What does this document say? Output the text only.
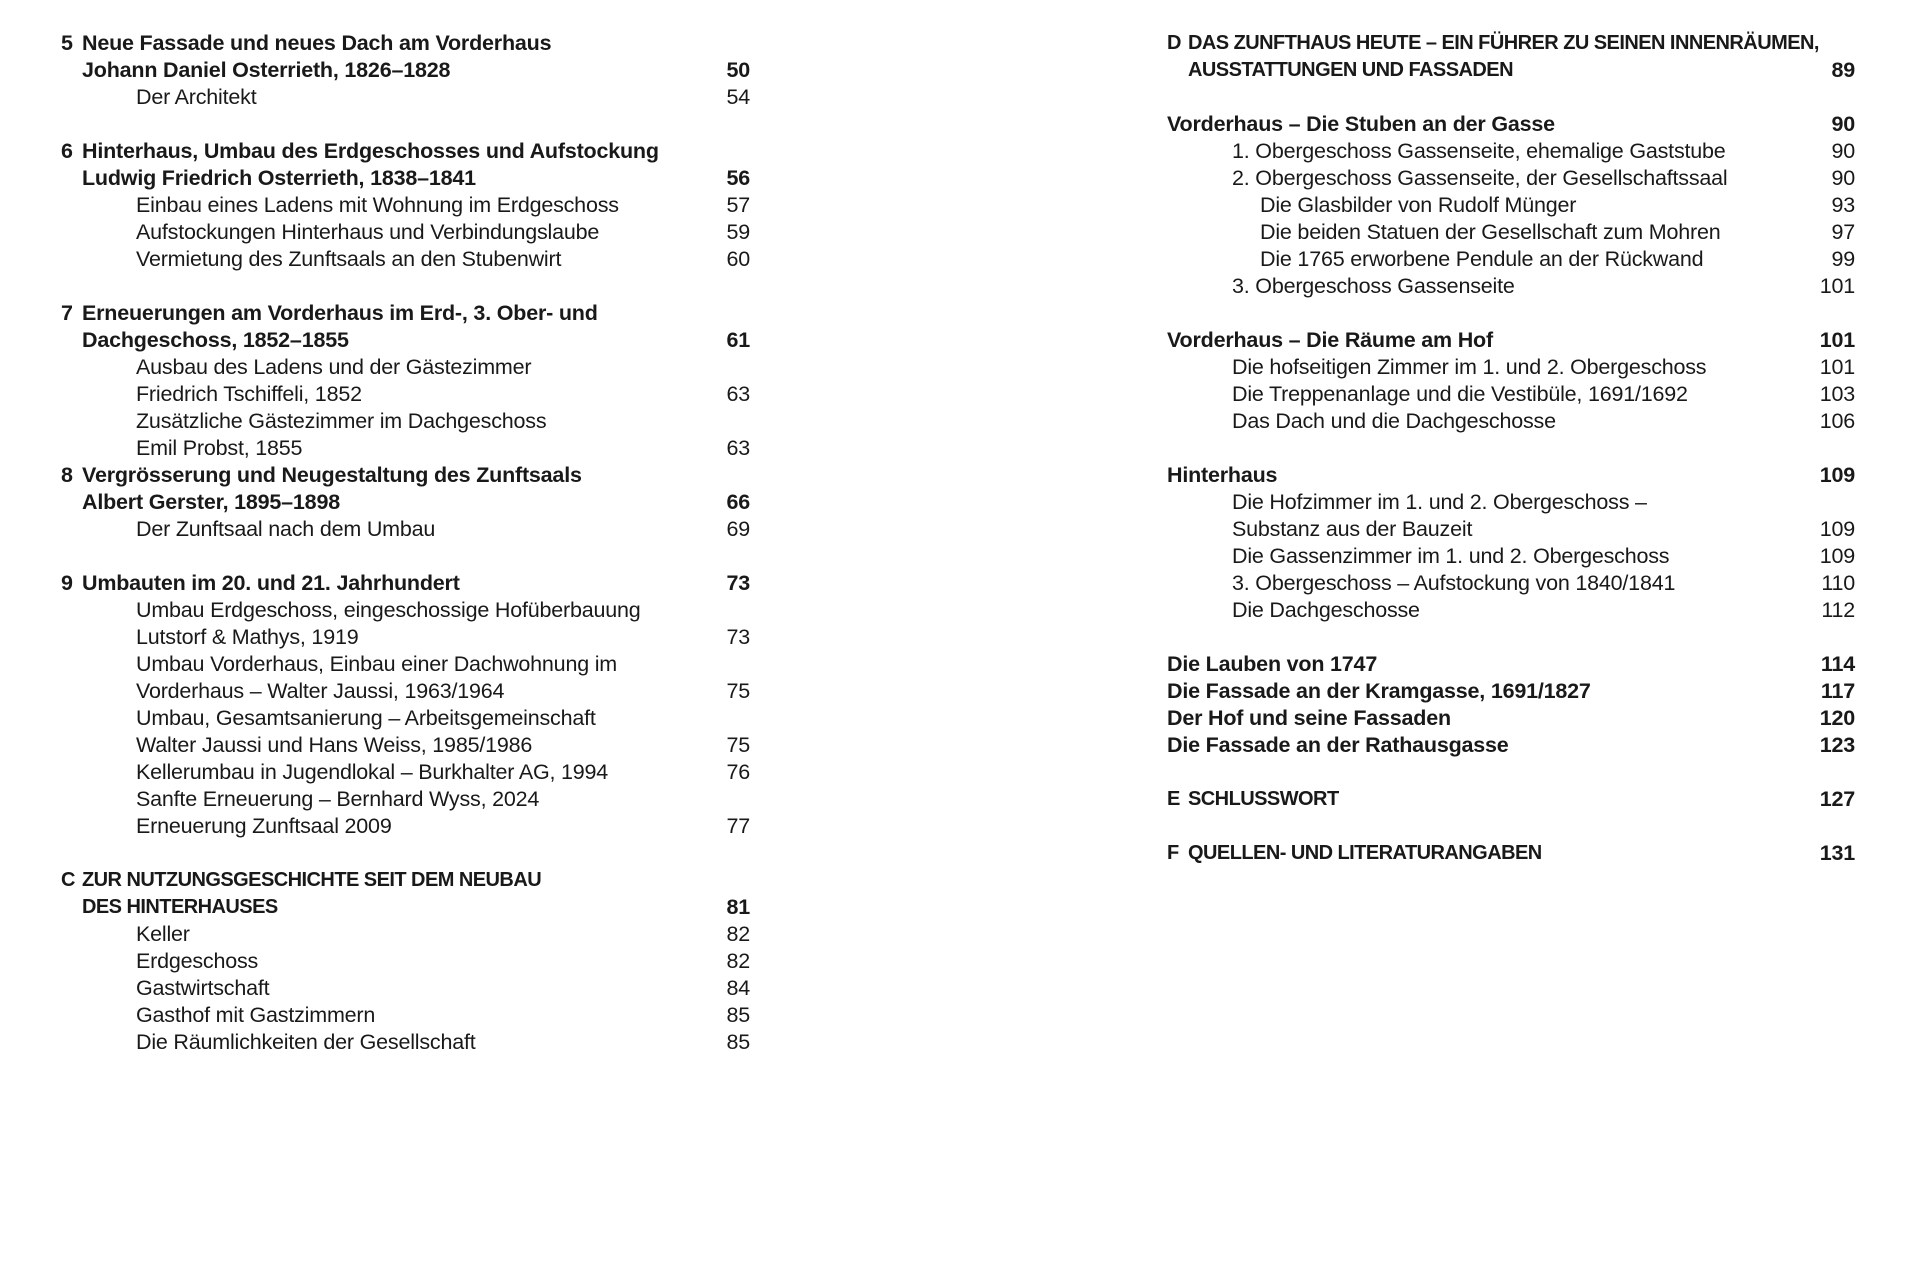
5 Neue Fassade und neues Dach am Vorderhaus
Johann Daniel Osterrieth, 1826–1828	50
Der Architekt	54
6 Hinterhaus, Umbau des Erdgeschosses und Aufstockung
Ludwig Friedrich Osterrieth, 1838–1841	56
Einbau eines Ladens mit Wohnung im Erdgeschoss	57
Aufstockungen Hinterhaus und Verbindungslaube	59
Vermietung des Zunftsaals an den Stubenwirt	60
7 Erneuerungen am Vorderhaus im Erd-, 3. Ober- und
Dachgeschoss, 1852–1855	61
Ausbau des Ladens und der Gästezimmer
Friedrich Tschiffeli, 1852	63
Zusätzliche Gästezimmer im Dachgeschoss
Emil Probst, 1855	63
8 Vergrösserung und Neugestaltung des Zunftsaals
Albert Gerster, 1895–1898	66
Der Zunftsaal nach dem Umbau	69
9 Umbauten im 20. und 21. Jahrhundert	73
Umbau Erdgeschoss, eingeschossige Hofüberbauung
Lutstorf & Mathys, 1919	73
Umbau Vorderhaus, Einbau einer Dachwohnung im
Vorderhaus – Walter Jaussi, 1963/1964	75
Umbau, Gesamtsanierung – Arbeitsgemeinschaft
Walter Jaussi und Hans Weiss, 1985/1986	75
Kellerumbau in Jugendlokal – Burkhalter AG, 1994	76
Sanfte Erneuerung – Bernhard Wyss, 2024
Erneuerung Zunftsaal 2009	77
C ZUR NUTZUNGSGESCHICHTE SEIT DEM NEUBAU
DES HINTERHAUSES	81
Keller	82
Erdgeschoss	82
Gastwirtschaft	84
Gasthof mit Gastzimmern	85
Die Räumlichkeiten der Gesellschaft	85
D DAS ZUNFTHAUS HEUTE – EIN FÜHRER ZU SEINEN INNENRÄUMEN,
AUSSTATTUNGEN UND FASSADEN	89
Vorderhaus – Die Stuben an der Gasse	90
1. Obergeschoss Gassenseite, ehemalige Gaststube	90
2. Obergeschoss Gassenseite, der Gesellschaftssaal	90
Die Glasbilder von Rudolf Münger	93
Die beiden Statuen der Gesellschaft zum Mohren	97
Die 1765 erworbene Pendule an der Rückwand	99
3. Obergeschoss Gassenseite	101
Vorderhaus – Die Räume am Hof	101
Die hofseitigen Zimmer im 1. und 2. Obergeschoss	101
Die Treppenanlage und die Vestibüle, 1691/1692	103
Das Dach und die Dachgeschosse	106
Hinterhaus	109
Die Hofzimmer im 1. und 2. Obergeschoss –
Substanz aus der Bauzeit	109
Die Gassenzimmer im 1. und 2. Obergeschoss	109
3. Obergeschoss – Aufstockung von 1840/1841	110
Die Dachgeschosse	112
Die Lauben von 1747	114
Die Fassade an der Kramgasse, 1691/1827	117
Der Hof und seine Fassaden	120
Die Fassade an der Rathausgasse	123
E SCHLUSSWORT	127
F QUELLEN- UND LITERATURANGABEN	131
